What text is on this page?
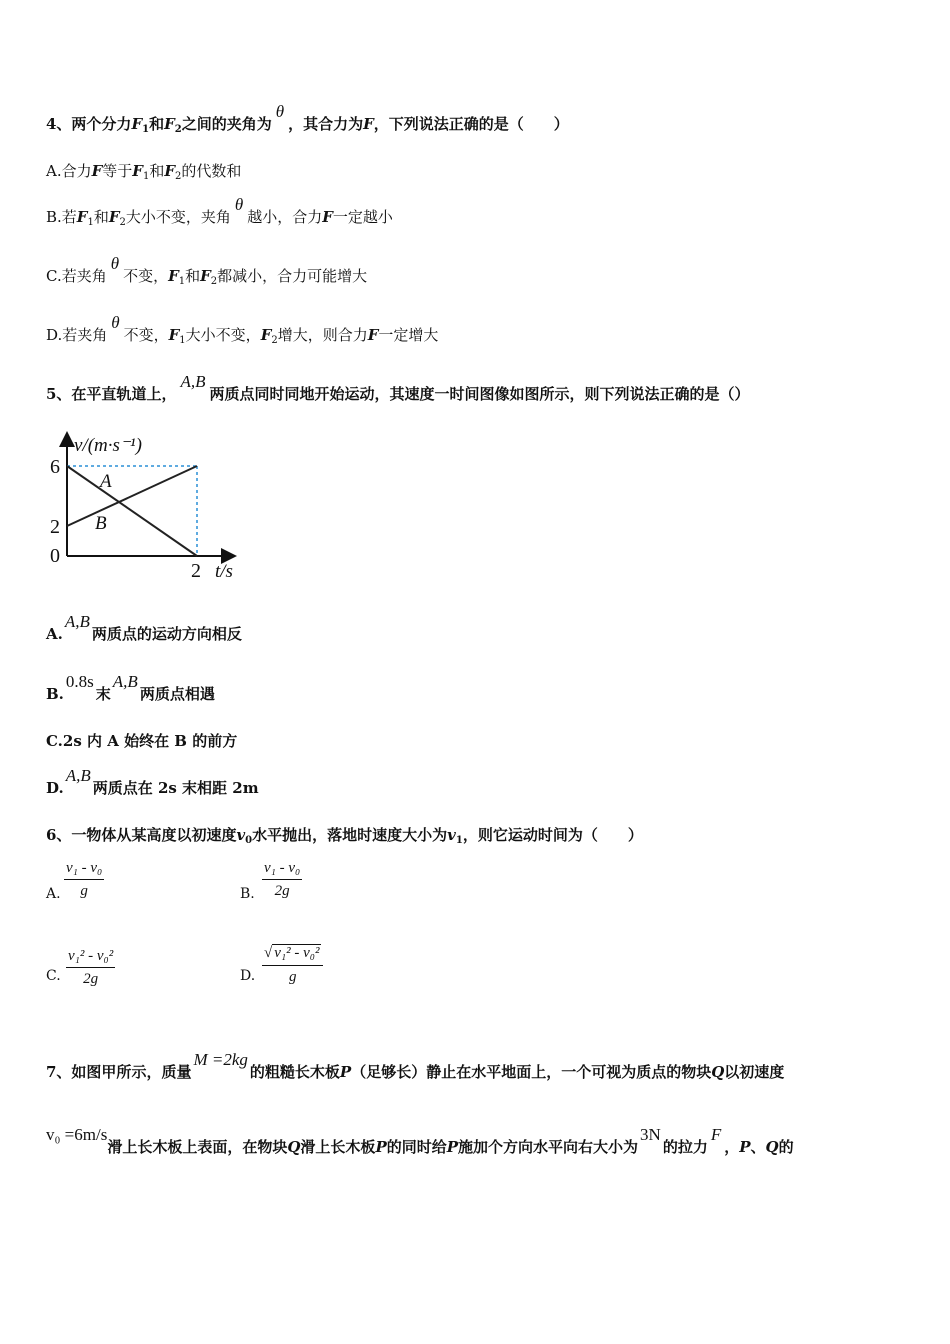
4、两个分力$F_1$和$F_2$之间的夹角为θ，其合力为F，下列说法正确的是（　　）
A.合力F等于$F_1$和$F_2$的代数和
B.若$F_1$和$F_2$大小不变，夹角θ越小，合力F一定越小
C.若夹角θ不变，$F_1$和$F_2$都减小，合力可能增大
D.若夹角θ不变，$F_1$大小不变，$F_2$增大，则合力F一定增大
5、在平直轨道上，A,B两质点同时同地开始运动，其速度一时间图像如图所示，则下列说法正确的是（）
A
B
0
2
6
2
v/(m·s⁻¹)
t/s
A.A,B两质点的运动方向相反
B.0.8s末A,B两质点相遇
C.2s 内 A 始终在 B 的前方
D.A,B两质点在 2s 末相距 2m
6、一物体从某高度以初速度$v_0$水平抛出，落地时速度大小为$v_1$，则它运动时间为（　　）
A. $\frac{\text{v₁ - v₀}}{g}$	B. $\frac{\text{v₁ - v₀}}{2g}$
C. $\frac{\text{v₁² - v₀²}}{2g}$	D. $\frac{\text{√ v₁² - v₀²}}{g}$
7、如图甲所示，质量M =2kg的粗糙长木板P（足够长）静止在水平地面上，一个可视为质点的物块Q以初速度
v₀ =6m/s滑上长木板上表面，在物块Q滑上长木板P的同时给P施加个方向水平向右大小为3N的拉力F，P、Q的
